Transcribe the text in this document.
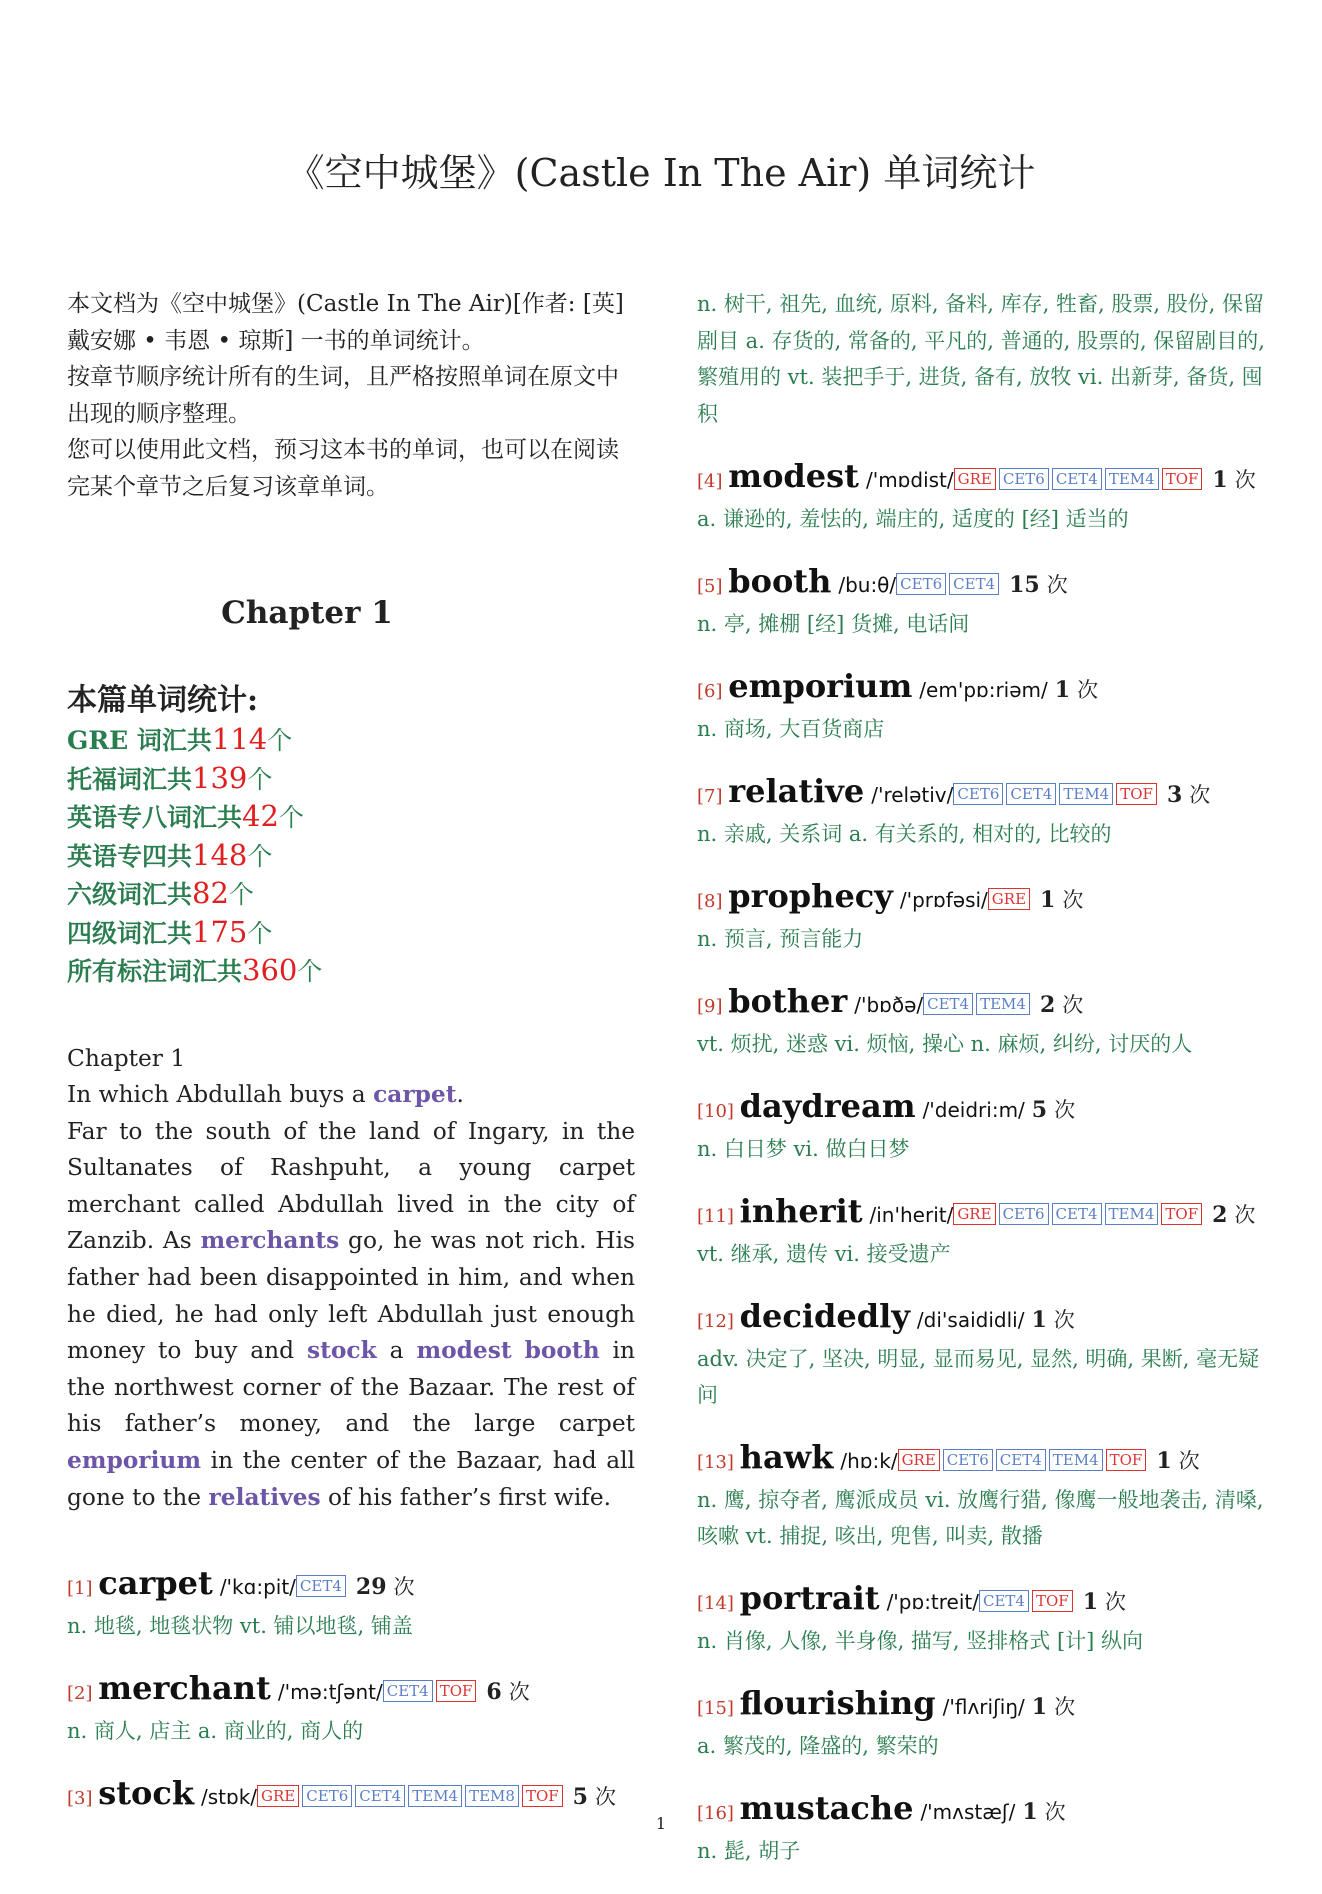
《空中城堡》(Castle In The Air) 单词统计

本文档为《空中城堡》(Castle In The Air)[作者: [英] 戴安娜 • 韦恩 • 琼斯] 一书的单词统计。

按章节顺序统计所有的生词，且严格按照单词在原文中出现的顺序整理。

您可以使用此文档，预习这本书的单词，也可以在阅读完某个章节之后复习该章单词。

Chapter 1
本篇单词统计:
GRE 词汇共114个
托福词汇共139个
英语专八词汇共42个
英语专四共148个
六级词汇共82个
四级词汇共175个
所有标注词汇共360个
Chapter 1
In which Abdullah buys a carpet.
Far to the south of the land of Ingary, in the Sultanates of Rashpuht, a young carpet merchant called Abdullah lived in the city of Zanzib. As merchants go, he was not rich. His father had been disappointed in him, and when he died, he had only left Abdullah just enough money to buy and stock a modest booth in the northwest corner of the Bazaar. The rest of his father’s money, and the large carpet emporium in the center of the Bazaar, had all gone to the relatives of his father’s first wife.
[1] carpet /'kɑ:pit/ CET4 29 次
n. 地毯, 地毯状物 vt. 铺以地毯, 铺盖
[2] merchant /'mə:tʃənt/ CET4 TOF 6 次
n. 商人, 店主 a. 商业的, 商人的
[3] stock /stɒk/ GRE CET6 CET4 TEM4 TEM8 TOF 5 次
n. 树干, 祖先, 血统, 原料, 备料, 库存, 牲畜, 股票, 股份, 保留剧目 a. 存货的, 常备的, 平凡的, 普通的, 股票的, 保留剧目的, 繁殖用的 vt. 装把手于, 进货, 备有, 放牧 vi. 出新芽, 备货, 囤积
[4] modest /'mɒdist/ GRE CET6 CET4 TEM4 TOF 1 次
a. 谦逊的, 羞怯的, 端庄的, 适度的 [经] 适当的
[5] booth /bu:θ/ CET6 CET4 15 次
n. 亭, 摊棚 [经] 货摊, 电话间
[6] emporium /em'pɒ:riəm/ 1 次
n. 商场, 大百货商店
[7] relative /'relətiv/ CET6 CET4 TEM4 TOF 3 次
n. 亲戚, 关系词 a. 有关系的, 相对的, 比较的
[8] prophecy /'prɒfəsi/ GRE 1 次
n. 预言, 预言能力
[9] bother /'bɒðə/ CET4 TEM4 2 次
vt. 烦扰, 迷惑 vi. 烦恼, 操心 n. 麻烦, 纠纷, 讨厌的人
[10] daydream /'deidri:m/ 5 次
n. 白日梦 vi. 做白日梦
[11] inherit /in'herit/ GRE CET6 CET4 TEM4 TOF 2 次
vt. 继承, 遗传 vi. 接受遗产
[12] decidedly /di'saididli/ 1 次
adv. 决定了, 坚决, 明显, 显而易见, 显然, 明确, 果断, 毫无疑问
[13] hawk /hɒ:k/ GRE CET6 CET4 TEM4 TOF 1 次
n. 鹰, 掠夺者, 鹰派成员 vi. 放鹰行猎, 像鹰一般地袭击, 清嗓, 咳嗽 vt. 捕捉, 咳出, 兜售, 叫卖, 散播
[14] portrait /'pɒ:treit/ CET4 TOF 1 次
n. 肖像, 人像, 半身像, 描写, 竖排格式 [计] 纵向
[15] flourishing /'flʌriʃiŋ/ 1 次
a. 繁茂的, 隆盛的, 繁荣的
[16] mustache /'mʌstæʃ/ 1 次
n. 髭, 胡子
1
